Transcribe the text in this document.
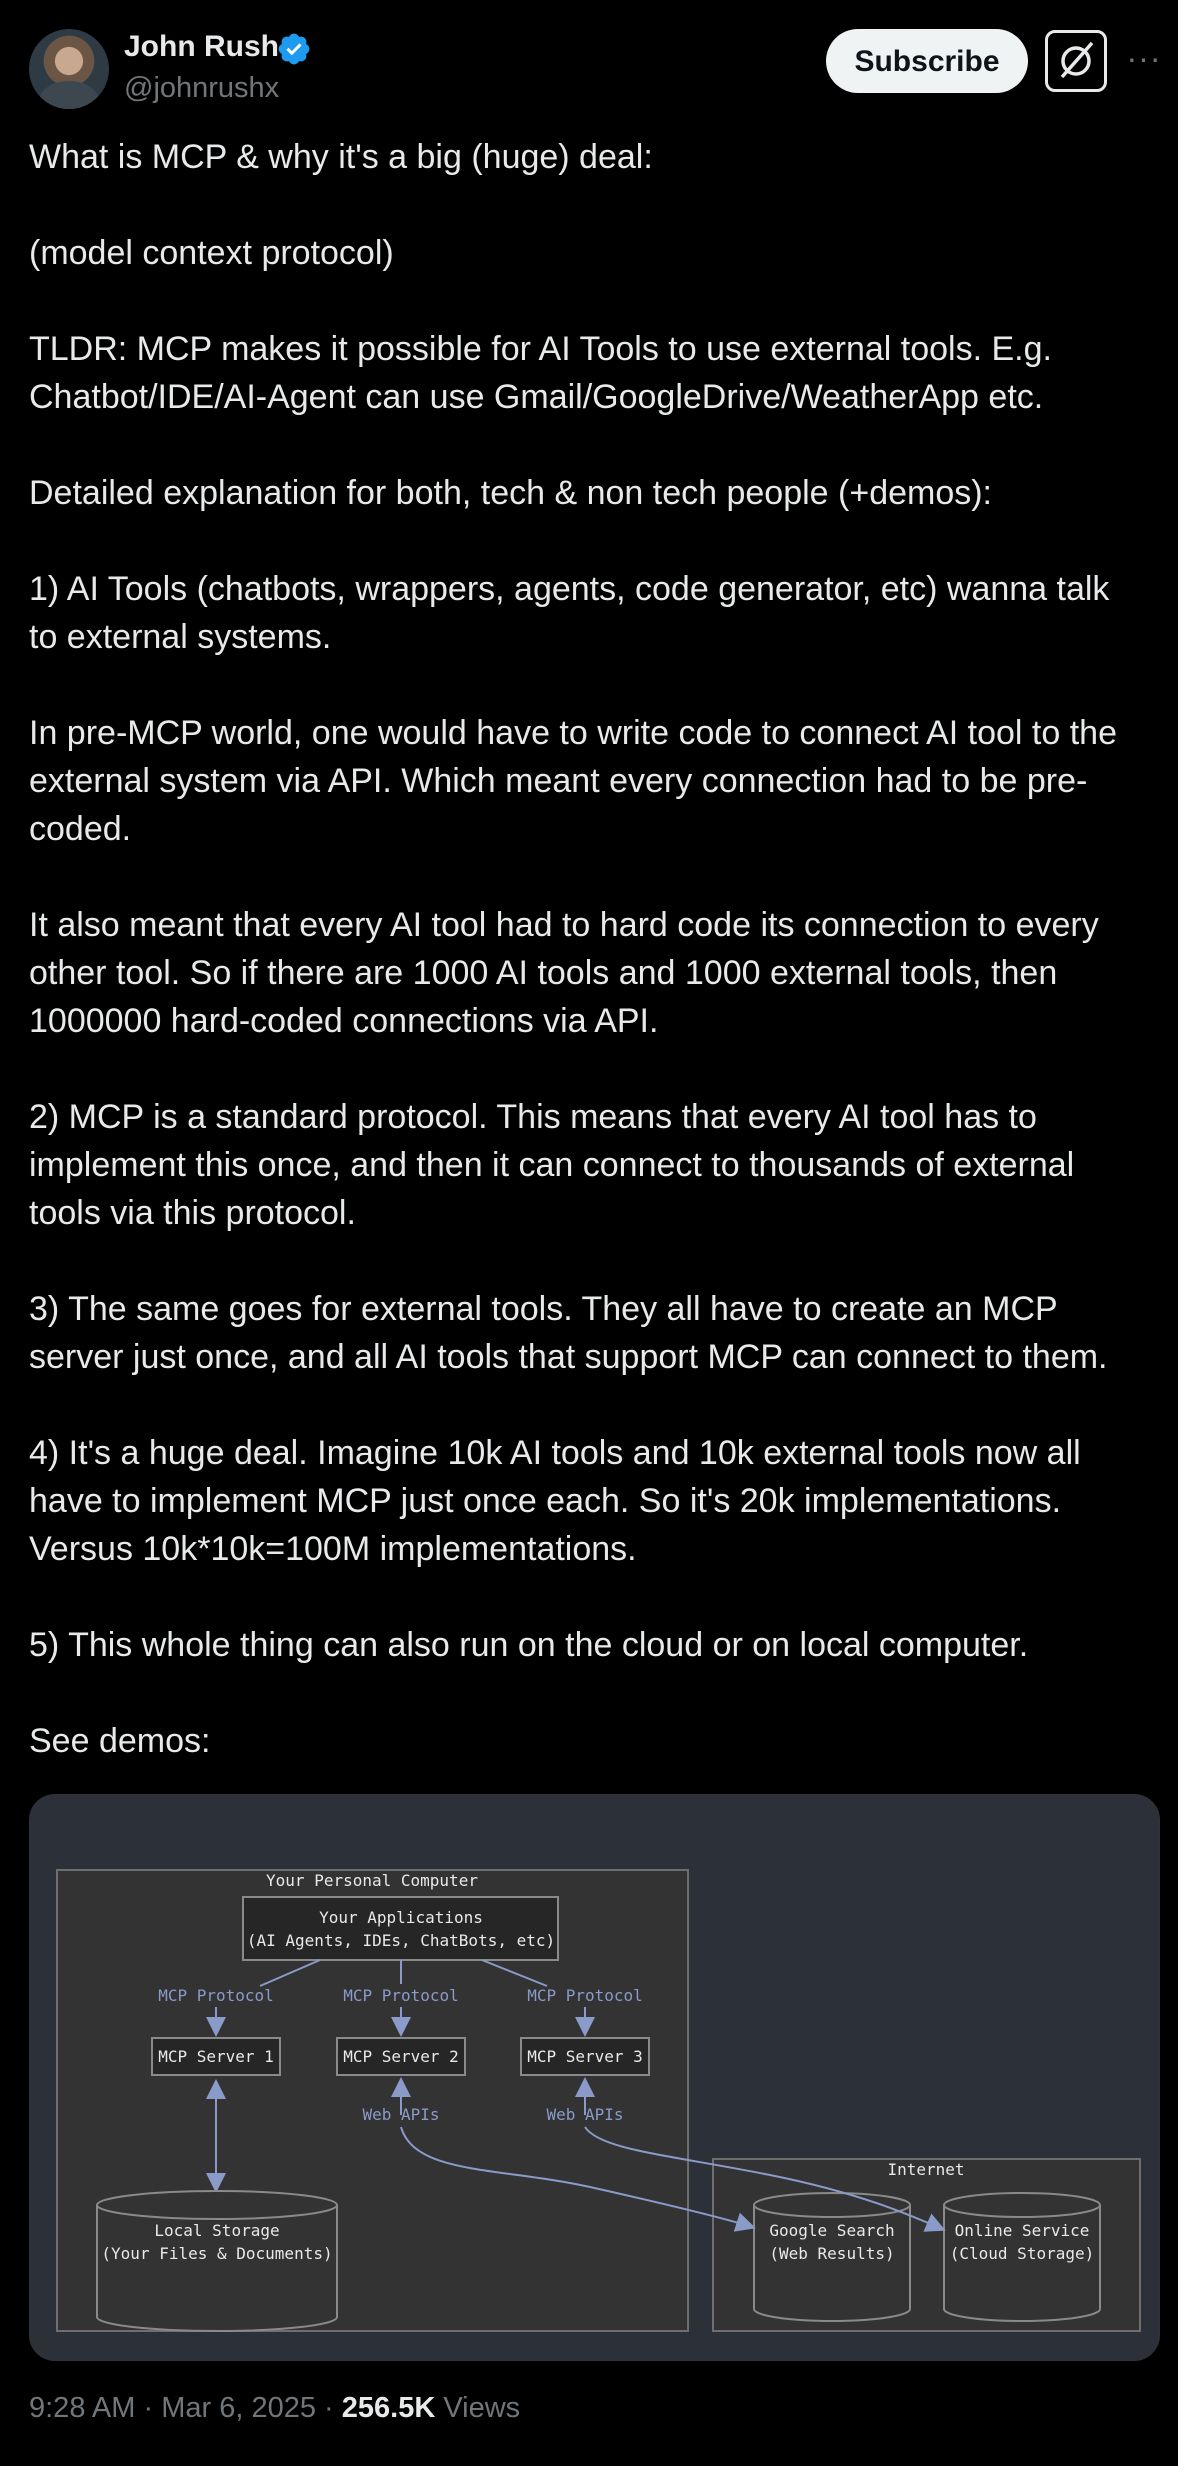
John Rush
@johnrushx
Subscribe	···

What is MCP & why it's a big (huge) deal:

(model context protocol)

TLDR: MCP makes it possible for AI Tools to use external tools. E.g.
Chatbot/IDE/AI-Agent can use Gmail/GoogleDrive/WeatherApp etc.

Detailed explanation for both, tech & non tech people (+demos):

1) AI Tools (chatbots, wrappers, agents, code generator, etc) wanna talk
to external systems.

In pre-MCP world, one would have to write code to connect AI tool to the
external system via API. Which meant every connection had to be pre-
coded.

It also meant that every AI tool had to hard code its connection to every
other tool. So if there are 1000 AI tools and 1000 external tools, then
1000000 hard-coded connections via API.

2) MCP is a standard protocol. This means that every AI tool has to
implement this once, and then it can connect to thousands of external
tools via this protocol.

3) The same goes for external tools. They all have to create an MCP
server just once, and all AI tools that support MCP can connect to them.

4) It's a huge deal. Imagine 10k AI tools and 10k external tools now all
have to implement MCP just once each. So it's 20k implementations.
Versus 10k*10k=100M implementations.

5) This whole thing can also run on the cloud or on local computer.

See demos:

Your Personal Computer
Your Applications
(AI Agents, IDEs, ChatBots, etc)
MCP Protocol	MCP Protocol	MCP Protocol
MCP Server 1	MCP Server 2	MCP Server 3
Web APIs	Web APIs
Local Storage
(Your Files & Documents)
Internet
Google Search
(Web Results)
Online Service
(Cloud Storage)
9:28 AM · Mar 6, 2025 · 256.5K Views
